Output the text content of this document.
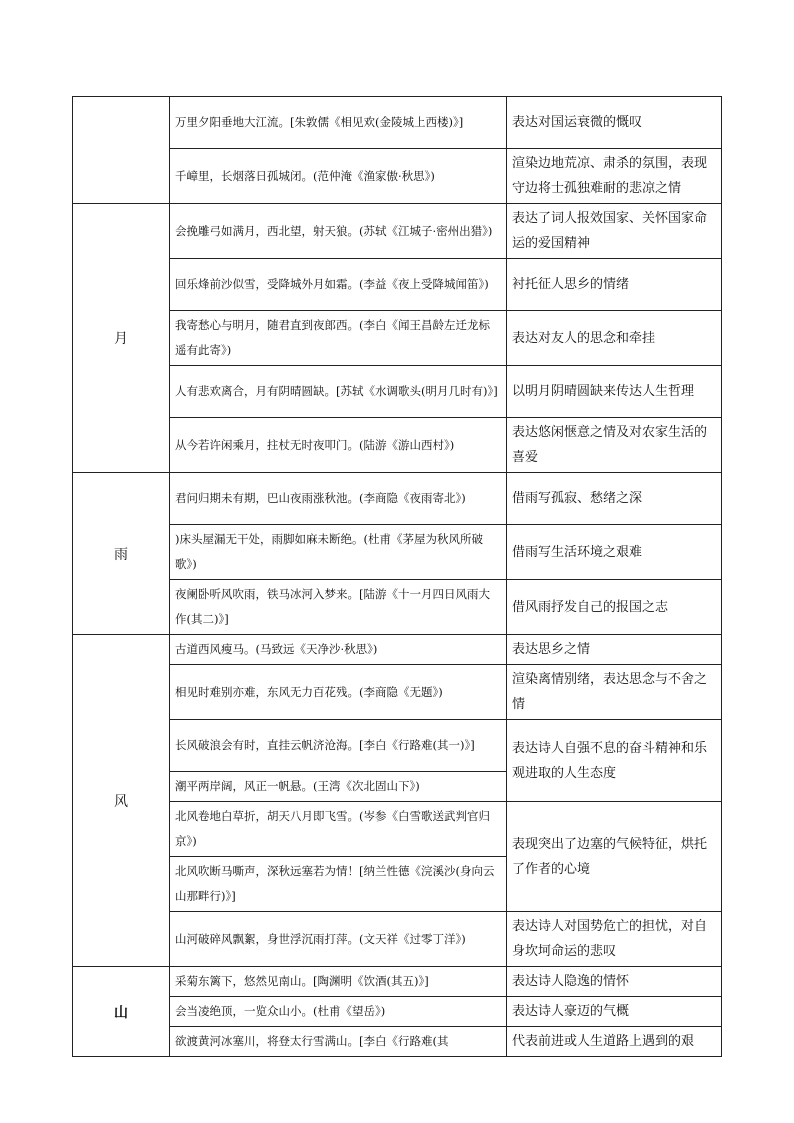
	万里夕阳垂地大江流。[朱敦儒《相见欢(金陵城上西楼)》]	表达对国运衰微的慨叹
	千嶂里，长烟落日孤城闭。(范仲淹《渔家傲·秋思》)	渲染边地荒凉、肃杀的氛围，表现守边将士孤独难耐的悲凉之情
月	会挽雕弓如满月，西北望，射天狼。(苏轼《江城子·密州出猎》)	表达了词人报效国家、关怀国家命运的爱国精神
	回乐烽前沙似雪，受降城外月如霜。(李益《夜上受降城闻笛》)	衬托征人思乡的情绪
	我寄愁心与明月，随君直到夜郎西。(李白《闻王昌龄左迁龙标遥有此寄》)	表达对友人的思念和牵挂
	人有悲欢离合，月有阴晴圆缺。[苏轼《水调歌头(明月几时有)》]	以明月阴晴圆缺来传达人生哲理
	从今若许闲乘月，拄杖无时夜叩门。(陆游《游山西村》)	表达悠闲惬意之情及对农家生活的喜爱
雨	君问归期未有期，巴山夜雨涨秋池。(李商隐《夜雨寄北》)	借雨写孤寂、愁绪之深
	)床头屋漏无干处，雨脚如麻未断绝。(杜甫《茅屋为秋风所破歌》)	借雨写生活环境之艰难
	夜阑卧听风吹雨，铁马冰河入梦来。[陆游《十一月四日风雨大作(其二)》]	借风雨抒发自己的报国之志
风	古道西风瘦马。(马致远《天净沙·秋思》)	表达思乡之情
	相见时难别亦难，东风无力百花残。(李商隐《无题》)	渲染离情别绪，表达思念与不舍之情
	长风破浪会有时，直挂云帆济沧海。[李白《行路难(其一)》]	表达诗人自强不息的奋斗精神和乐观进取的人生态度
	潮平两岸阔，风正一帆悬。(王湾《次北固山下》)	
	北风卷地白草折，胡天八月即飞雪。(岑参《白雪歌送武判官归京》)	表现突出了边塞的气候特征，烘托了作者的心境
	北风吹断马嘶声，深秋远塞若为情！[纳兰性德《浣溪沙(身向云山那畔行)》]	
	山河破碎风飘絮，身世浮沉雨打萍。(文天祥《过零丁洋》)	表达诗人对国势危亡的担忧，对自身坎坷命运的悲叹
山	采菊东篱下，悠然见南山。[陶渊明《饮酒(其五)》]	表达诗人隐逸的情怀
	会当凌绝顶，一览众山小。(杜甫《望岳》)	表达诗人豪迈的气概
	欲渡黄河冰塞川，将登太行雪满山。[李白《行路难(其	代表前进或人生道路上遇到的艰
